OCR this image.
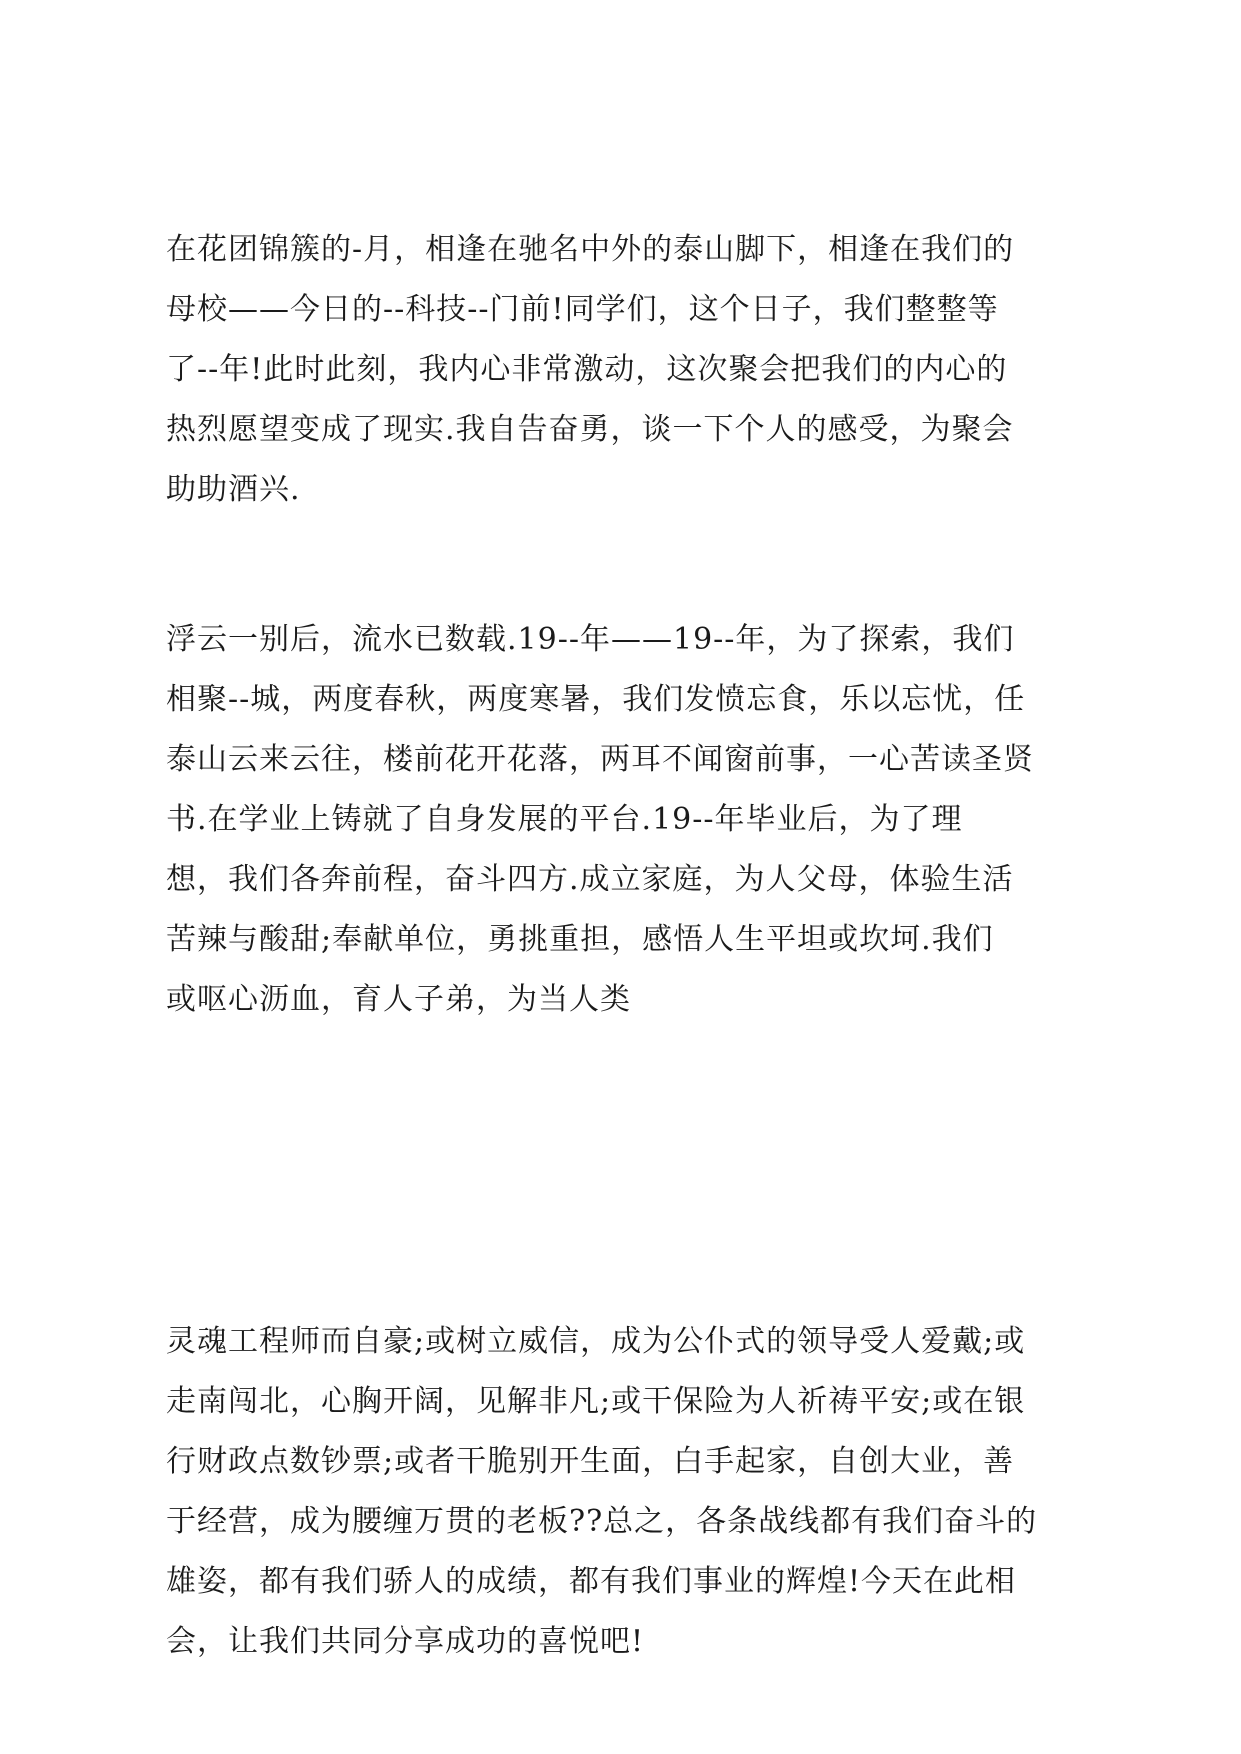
在花团锦簇的-月，相逢在驰名中外的泰山脚下，相逢在我们的
母校——今日的--科技--门前!同学们，这个日子，我们整整等
了--年!此时此刻，我内心非常激动，这次聚会把我们的内心的
热烈愿望变成了现实.我自告奋勇，谈一下个人的感受，为聚会
助助酒兴.
浮云一别后，流水已数载.19--年——19--年，为了探索，我们
相聚--城，两度春秋，两度寒暑，我们发愤忘食，乐以忘忧，任
泰山云来云往，楼前花开花落，两耳不闻窗前事，一心苦读圣贤
书.在学业上铸就了自身发展的平台.19--年毕业后，为了理
想，我们各奔前程，奋斗四方.成立家庭，为人父母，体验生活
苦辣与酸甜;奉献单位，勇挑重担，感悟人生平坦或坎坷.我们
或呕心沥血，育人子弟，为当人类
灵魂工程师而自豪;或树立威信，成为公仆式的领导受人爱戴;或
走南闯北，心胸开阔，见解非凡;或干保险为人祈祷平安;或在银
行财政点数钞票;或者干脆别开生面，白手起家，自创大业，善
于经营，成为腰缠万贯的老板??总之，各条战线都有我们奋斗的
雄姿，都有我们骄人的成绩，都有我们事业的辉煌!今天在此相
会，让我们共同分享成功的喜悦吧!
